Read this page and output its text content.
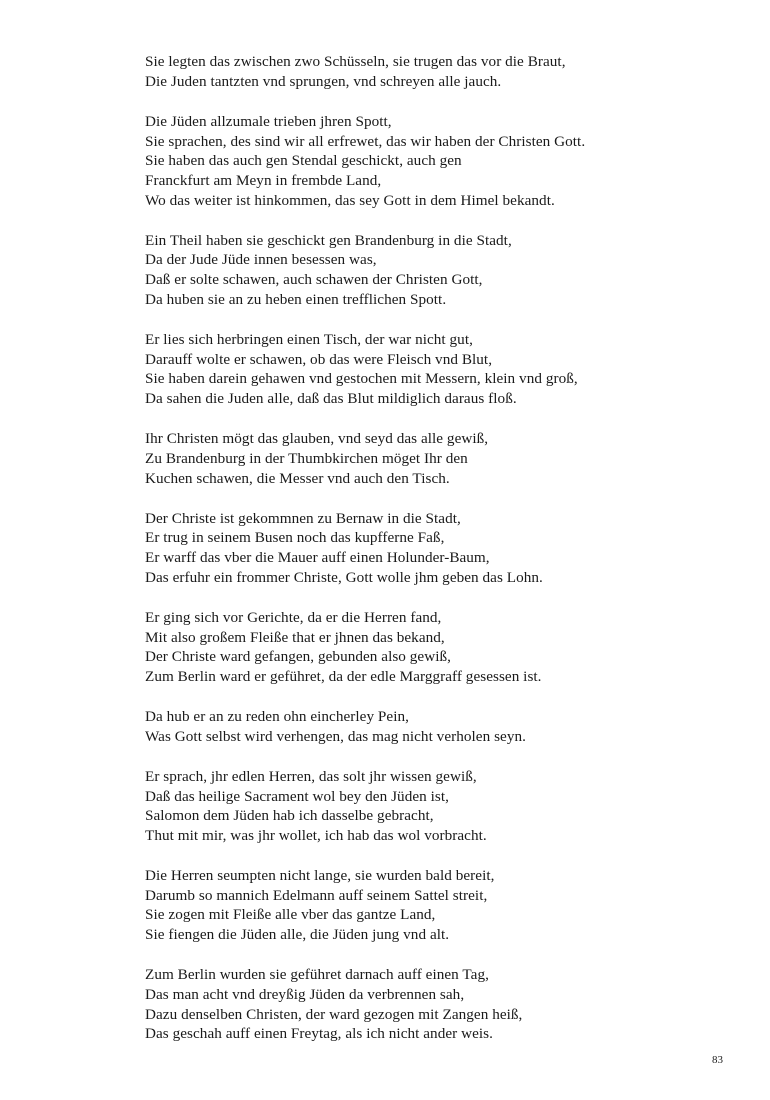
Sie legten das zwischen zwo Schüsseln, sie trugen das vor die Braut,
Die Juden tantzten vnd sprungen, vnd schreyen alle jauch.
Die Jüden allzumale trieben jhren Spott,
Sie sprachen, des sind wir all erfrewet, das wir haben der Christen Gott.
Sie haben das auch gen Stendal geschickt, auch gen
Franckfurt am Meyn in frembde Land,
Wo das weiter ist hinkommen, das sey Gott in dem Himel bekandt.
Ein Theil haben sie geschickt gen Brandenburg in die Stadt,
Da der Jude Jüde innen besessen was,
Daß er solte schawen, auch schawen der Christen Gott,
Da huben sie an zu heben einen trefflichen Spott.
Er lies sich herbringen einen Tisch, der war nicht gut,
Darauff wolte er schawen, ob das were Fleisch vnd Blut,
Sie haben darein gehawen vnd gestochen mit Messern, klein vnd groß,
Da sahen die Juden alle, daß das Blut mildiglich daraus floß.
Ihr Christen mögt das glauben, vnd seyd das alle gewiß,
Zu Brandenburg in der Thumbkirchen möget Ihr den
Kuchen schawen, die Messer vnd auch den Tisch.
Der Christe ist gekommnen zu Bernaw in die Stadt,
Er trug in seinem Busen noch das kupfferne Faß,
Er warff das vber die Mauer auff einen Holunder-Baum,
Das erfuhr ein frommer Christe, Gott wolle jhm geben das Lohn.
Er ging sich vor Gerichte, da er die Herren fand,
Mit also großem Fleiße that er jhnen das bekand,
Der Christe ward gefangen, gebunden also gewiß,
Zum Berlin ward er geführet, da der edle Marggraff gesessen ist.
Da hub er an zu reden ohn eincherley Pein,
Was Gott selbst wird verhengen, das mag nicht verholen seyn.
Er sprach, jhr edlen Herren, das solt jhr wissen gewiß,
Daß das heilige Sacrament wol bey den Jüden ist,
Salomon dem Jüden hab ich dasselbe gebracht,
Thut mit mir, was jhr wollet, ich hab das wol vorbracht.
Die Herren seumpten nicht lange, sie wurden bald bereit,
Darumb so mannich Edelmann auff seinem Sattel streit,
Sie zogen mit Fleiße alle vber das gantze Land,
Sie fiengen die Jüden alle, die Jüden jung vnd alt.
Zum Berlin wurden sie geführet darnach auff einen Tag,
Das man acht vnd dreyßig Jüden da verbrennen sah,
Dazu denselben Christen, der ward gezogen mit Zangen heiß,
Das geschah auff einen Freytag, als ich nicht ander weis.
83
